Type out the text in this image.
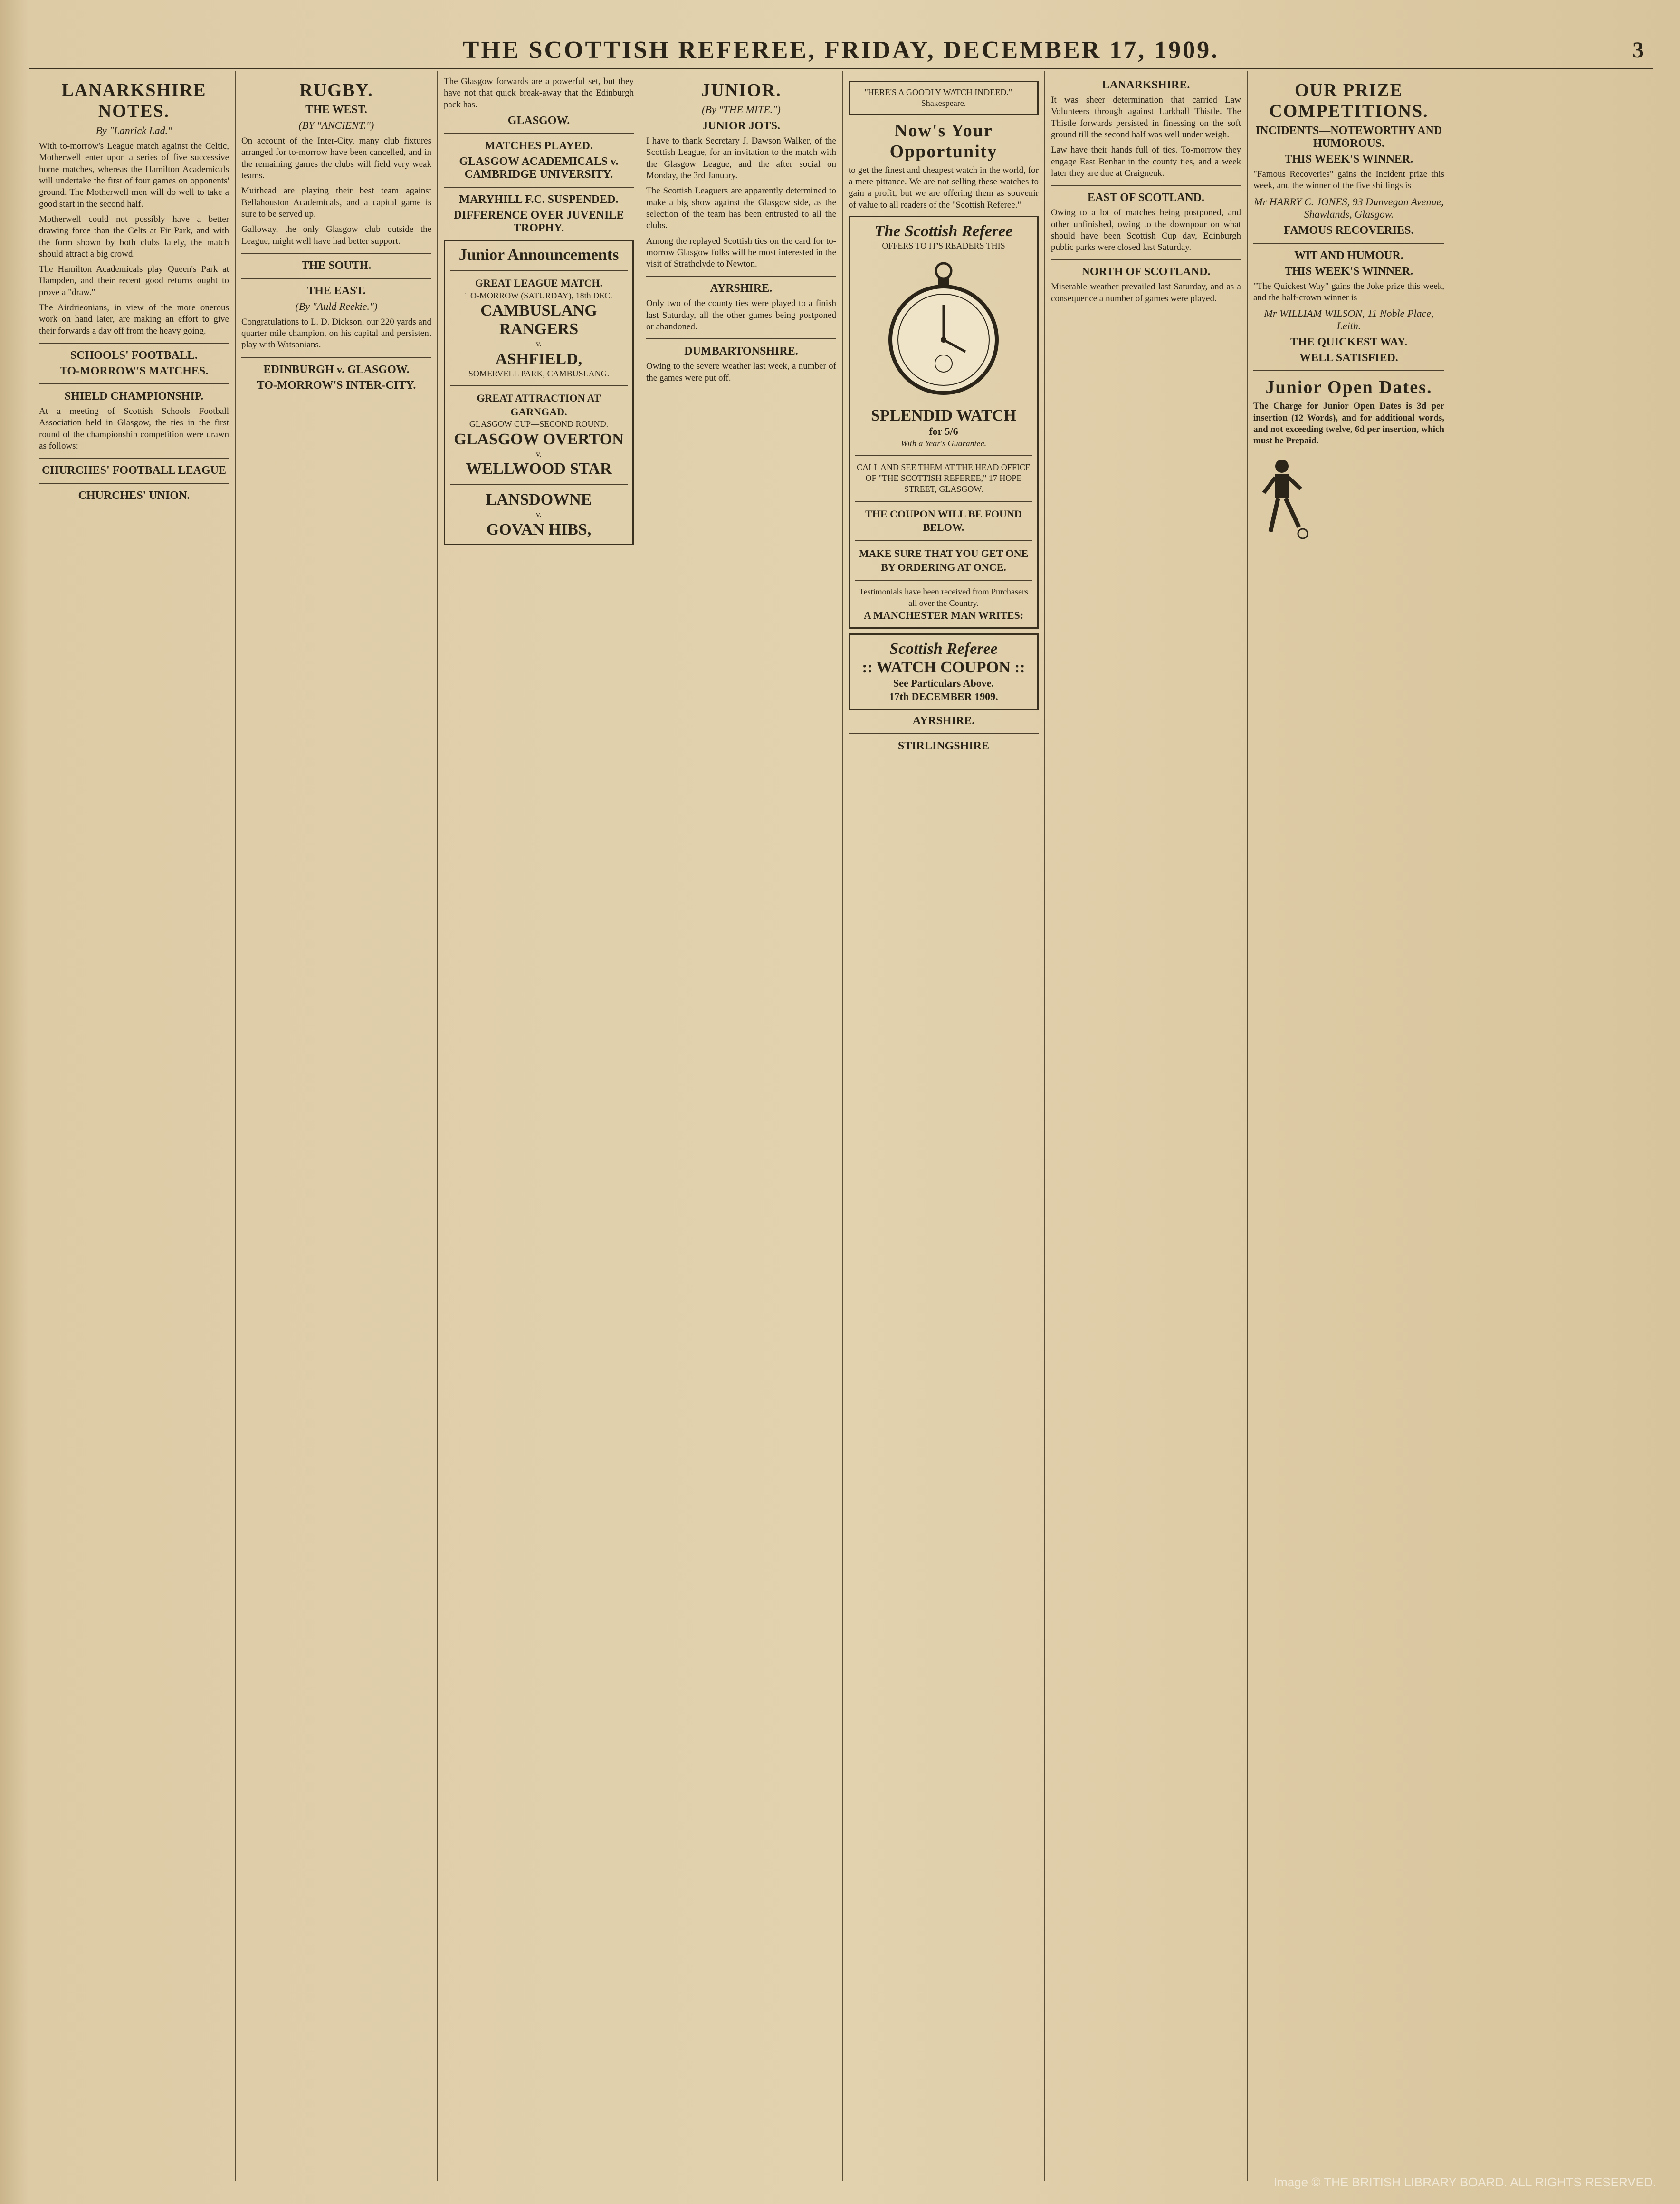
THE SCOTTISH REFEREE, FRIDAY, DECEMBER 17, 1909.	3
LANARKSHIRE NOTES.
By "Lanrick Lad."

With to-morrow's League match against the Celtic, Motherwell enter upon a series of five successive home matches, whereas the Hamilton Academicals will undertake the first of four games on opponents' ground. The Motherwell men will do well to take a good start in the second half.

Motherwell could not possibly have a better drawing force than the Celts at Fir Park, and with the form shown by both clubs lately, the match should attract a big crowd.

The Hamilton Academicals play Queen's Park at Hampden, and their recent good returns ought to prove a "draw."

The Airdrieonians, in view of the more onerous work on hand later, are making an effort to give their forwards a day off from the heavy going.

SCHOOLS' FOOTBALL.
TO-MORROW'S MATCHES.
SHIELD CHAMPIONSHIP.

At a meeting of Scottish Schools Football Association held in Glasgow, the ties in the first round of the championship competition were drawn as follows:

CHURCHES' FOOTBALL LEAGUE
CHURCHES' UNION.
RUGBY.
THE WEST.
(BY "ANCIENT.")

On account of the Inter-City, many club fixtures arranged for to-morrow have been cancelled, and in the remaining games the clubs will field very weak teams.

Muirhead are playing their best team against Bellahouston Academicals, and a capital game is sure to be served up.

Galloway, the only Glasgow club outside the League, might well have had better support.

THE SOUTH.
THE EAST.
(By "Auld Reekie.")

Congratulations to L. D. Dickson, our 220 yards and quarter mile champion, on his capital and persistent play with Watsonians.

EDINBURGH v. GLASGOW.
TO-MORROW'S INTER-CITY.

The Glasgow forwards are a powerful set, but they have not that quick break-away that the Edinburgh pack has.

GLASGOW.
MATCHES PLAYED.
GLASGOW ACADEMICALS v. CAMBRIDGE UNIVERSITY.
MARYHILL F.C. SUSPENDED.
DIFFERENCE OVER JUVENILE TROPHY.
Junior Announcements
GREAT LEAGUE MATCH.
TO-MORROW (SATURDAY), 18th DEC.
CAMBUSLANG RANGERS
v.
ASHFIELD,
SOMERVELL PARK, CAMBUSLANG.
GREAT ATTRACTION AT GARNGAD.
GLASGOW CUP—SECOND ROUND.
GLASGOW OVERTON
v.
WELLWOOD STAR
LANSDOWNE
v.
GOVAN HIBS,
JUNIOR.
(By "THE MITE.")
JUNIOR JOTS.

I have to thank Secretary J. Dawson Walker, of the Scottish League, for an invitation to the match with the Glasgow League, and the after social on Monday, the 3rd January.

The Scottish Leaguers are apparently determined to make a big show against the Glasgow side, as the selection of the team has been entrusted to all the clubs.

Among the replayed Scottish ties on the card for to-morrow Glasgow folks will be most interested in the visit of Strathclyde to Newton.

AYRSHIRE.

Only two of the county ties were played to a finish last Saturday, all the other games being postponed or abandoned.

DUMBARTONSHIRE.

Owing to the severe weather last week, a number of the games were put off.

"HERE'S A GOODLY WATCH INDEED." —Shakespeare.
Now's Your Opportunity

to get the finest and cheapest watch in the world, for a mere pittance. We are not selling these watches to gain a profit, but we are offering them as souvenir of value to all readers of the "Scottish Referee."

The Scottish Referee
OFFERS TO IT'S READERS THIS
SPLENDID WATCH
for 5/6
With a Year's Guarantee.
CALL AND SEE THEM AT THE HEAD OFFICE OF "THE SCOTTISH REFEREE," 17 HOPE STREET, GLASGOW.
THE COUPON WILL BE FOUND BELOW.
MAKE SURE THAT YOU GET ONE BY ORDERING AT ONCE.
Testimonials have been received from Purchasers all over the Country.
A MANCHESTER MAN WRITES:
Scottish Referee
:: WATCH COUPON ::
See Particulars Above.
17th DECEMBER 1909.
AYRSHIRE.
STIRLINGSHIRE
LANARKSHIRE.

It was sheer determination that carried Law Volunteers through against Larkhall Thistle. The Thistle forwards persisted in finessing on the soft ground till the second half was well under weigh.

Law have their hands full of ties. To-morrow they engage East Benhar in the county ties, and a week later they are due at Craigneuk.

EAST OF SCOTLAND.

Owing to a lot of matches being postponed, and other unfinished, owing to the downpour on what should have been Scottish Cup day, Edinburgh public parks were closed last Saturday.

NORTH OF SCOTLAND.

Miserable weather prevailed last Saturday, and as a consequence a number of games were played.

OUR PRIZE COMPETITIONS.
INCIDENTS—NOTEWORTHY AND HUMOROUS.
THIS WEEK'S WINNER.

"Famous Recoveries" gains the Incident prize this week, and the winner of the five shillings is—

Mr HARRY C. JONES, 93 Dunvegan Avenue, Shawlands, Glasgow.
FAMOUS RECOVERIES.
WIT AND HUMOUR.
THIS WEEK'S WINNER.

"The Quickest Way" gains the Joke prize this week, and the half-crown winner is—

Mr WILLIAM WILSON, 11 Noble Place, Leith.
THE QUICKEST WAY.
WELL SATISFIED.
Junior Open Dates.

The Charge for Junior Open Dates is 3d per insertion (12 Words), and for additional words, and not exceeding twelve, 6d per insertion, which must be Prepaid.

Image © THE BRITISH LIBRARY BOARD. ALL RIGHTS RESERVED.
